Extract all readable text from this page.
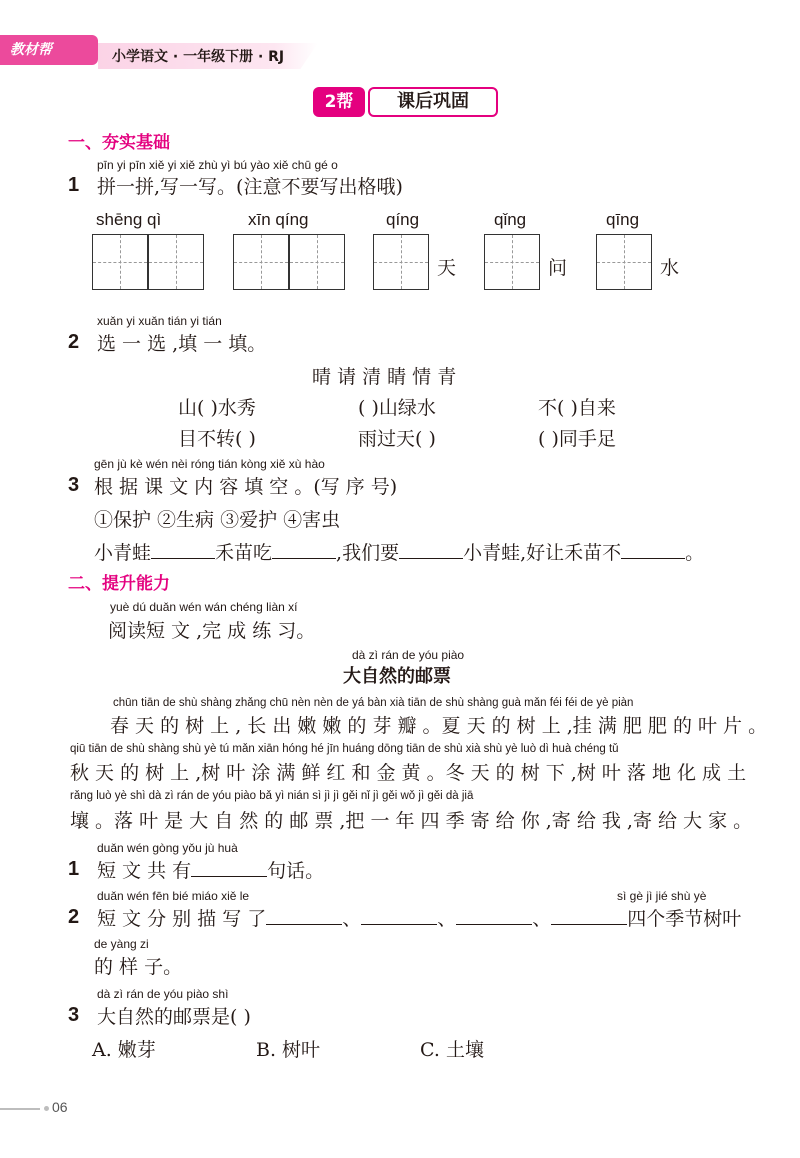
教材帮	小学语文 · 一年级下册 · RJ
2帮	课后巩固
一、夯实基础
pīn yi pīn xiě yi xiě zhù yì bú yào xiě chū gé o
1 拼一拼,写一写。(注意不要写出格哦)
shēng qì	xīn qíng	qíng	qǐng	qīng
天	问	水
xuǎn yi xuǎn tián yi tián
2 选 一 选 ,填 一 填。
晴 请 清 睛 情 青
山( )水秀	( )山绿水	不( )自来
目不转( )	雨过天( )	( )同手足
gēn jù kè wén nèi róng tián kòng xiě xù hào
3 根 据 课 文 内 容 填 空 。(写 序 号)
①保护 ②生病 ③爱护 ④害虫
小青蛙	禾苗吃	,我们要	小青蛙,好让禾苗不	。
二、提升能力
yuè dú duǎn wén wán chéng liàn xí
阅读短 文 ,完 成 练 习。
dà zì rán de yóu piào
大自然的邮票
chūn tiān de shù shàng zhǎng chū nèn nèn de yá bàn xià tiān de shù shàng guà mǎn féi féi de yè piàn
春 天 的 树 上 , 长 出 嫩 嫩 的 芽 瓣 。夏 天 的 树 上 ,挂 满 肥 肥 的 叶 片 。
qiū tiān de shù shàng shù yè tú mǎn xiān hóng hé jīn huáng dōng tiān de shù xià shù yè luò dì huà chéng tǔ
秋 天 的 树 上 ,树 叶 涂 满 鲜 红 和 金 黄 。冬 天 的 树 下 ,树 叶 落 地 化 成 土
rǎng luò yè shì dà zì rán de yóu piào bǎ yì nián sì jì jì gěi nǐ jì gěi wǒ jì gěi dà jiā
壤 。落 叶 是 大 自 然 的 邮 票 ,把 一 年 四 季 寄 给 你 ,寄 给 我 ,寄 给 大 家 。
duǎn wén gòng yǒu jù huà
1 短 文 共 有	句话。
duǎn wén fēn bié miáo xiě le	sì gè jì jié shù yè
2 短 文 分 别 描 写 了	、	、	、	四个季节树叶
de yàng zi
的 样 子。
dà zì rán de yóu piào shì
3 大自然的邮票是( )
A. 嫩芽	B. 树叶	C. 土壤
06
